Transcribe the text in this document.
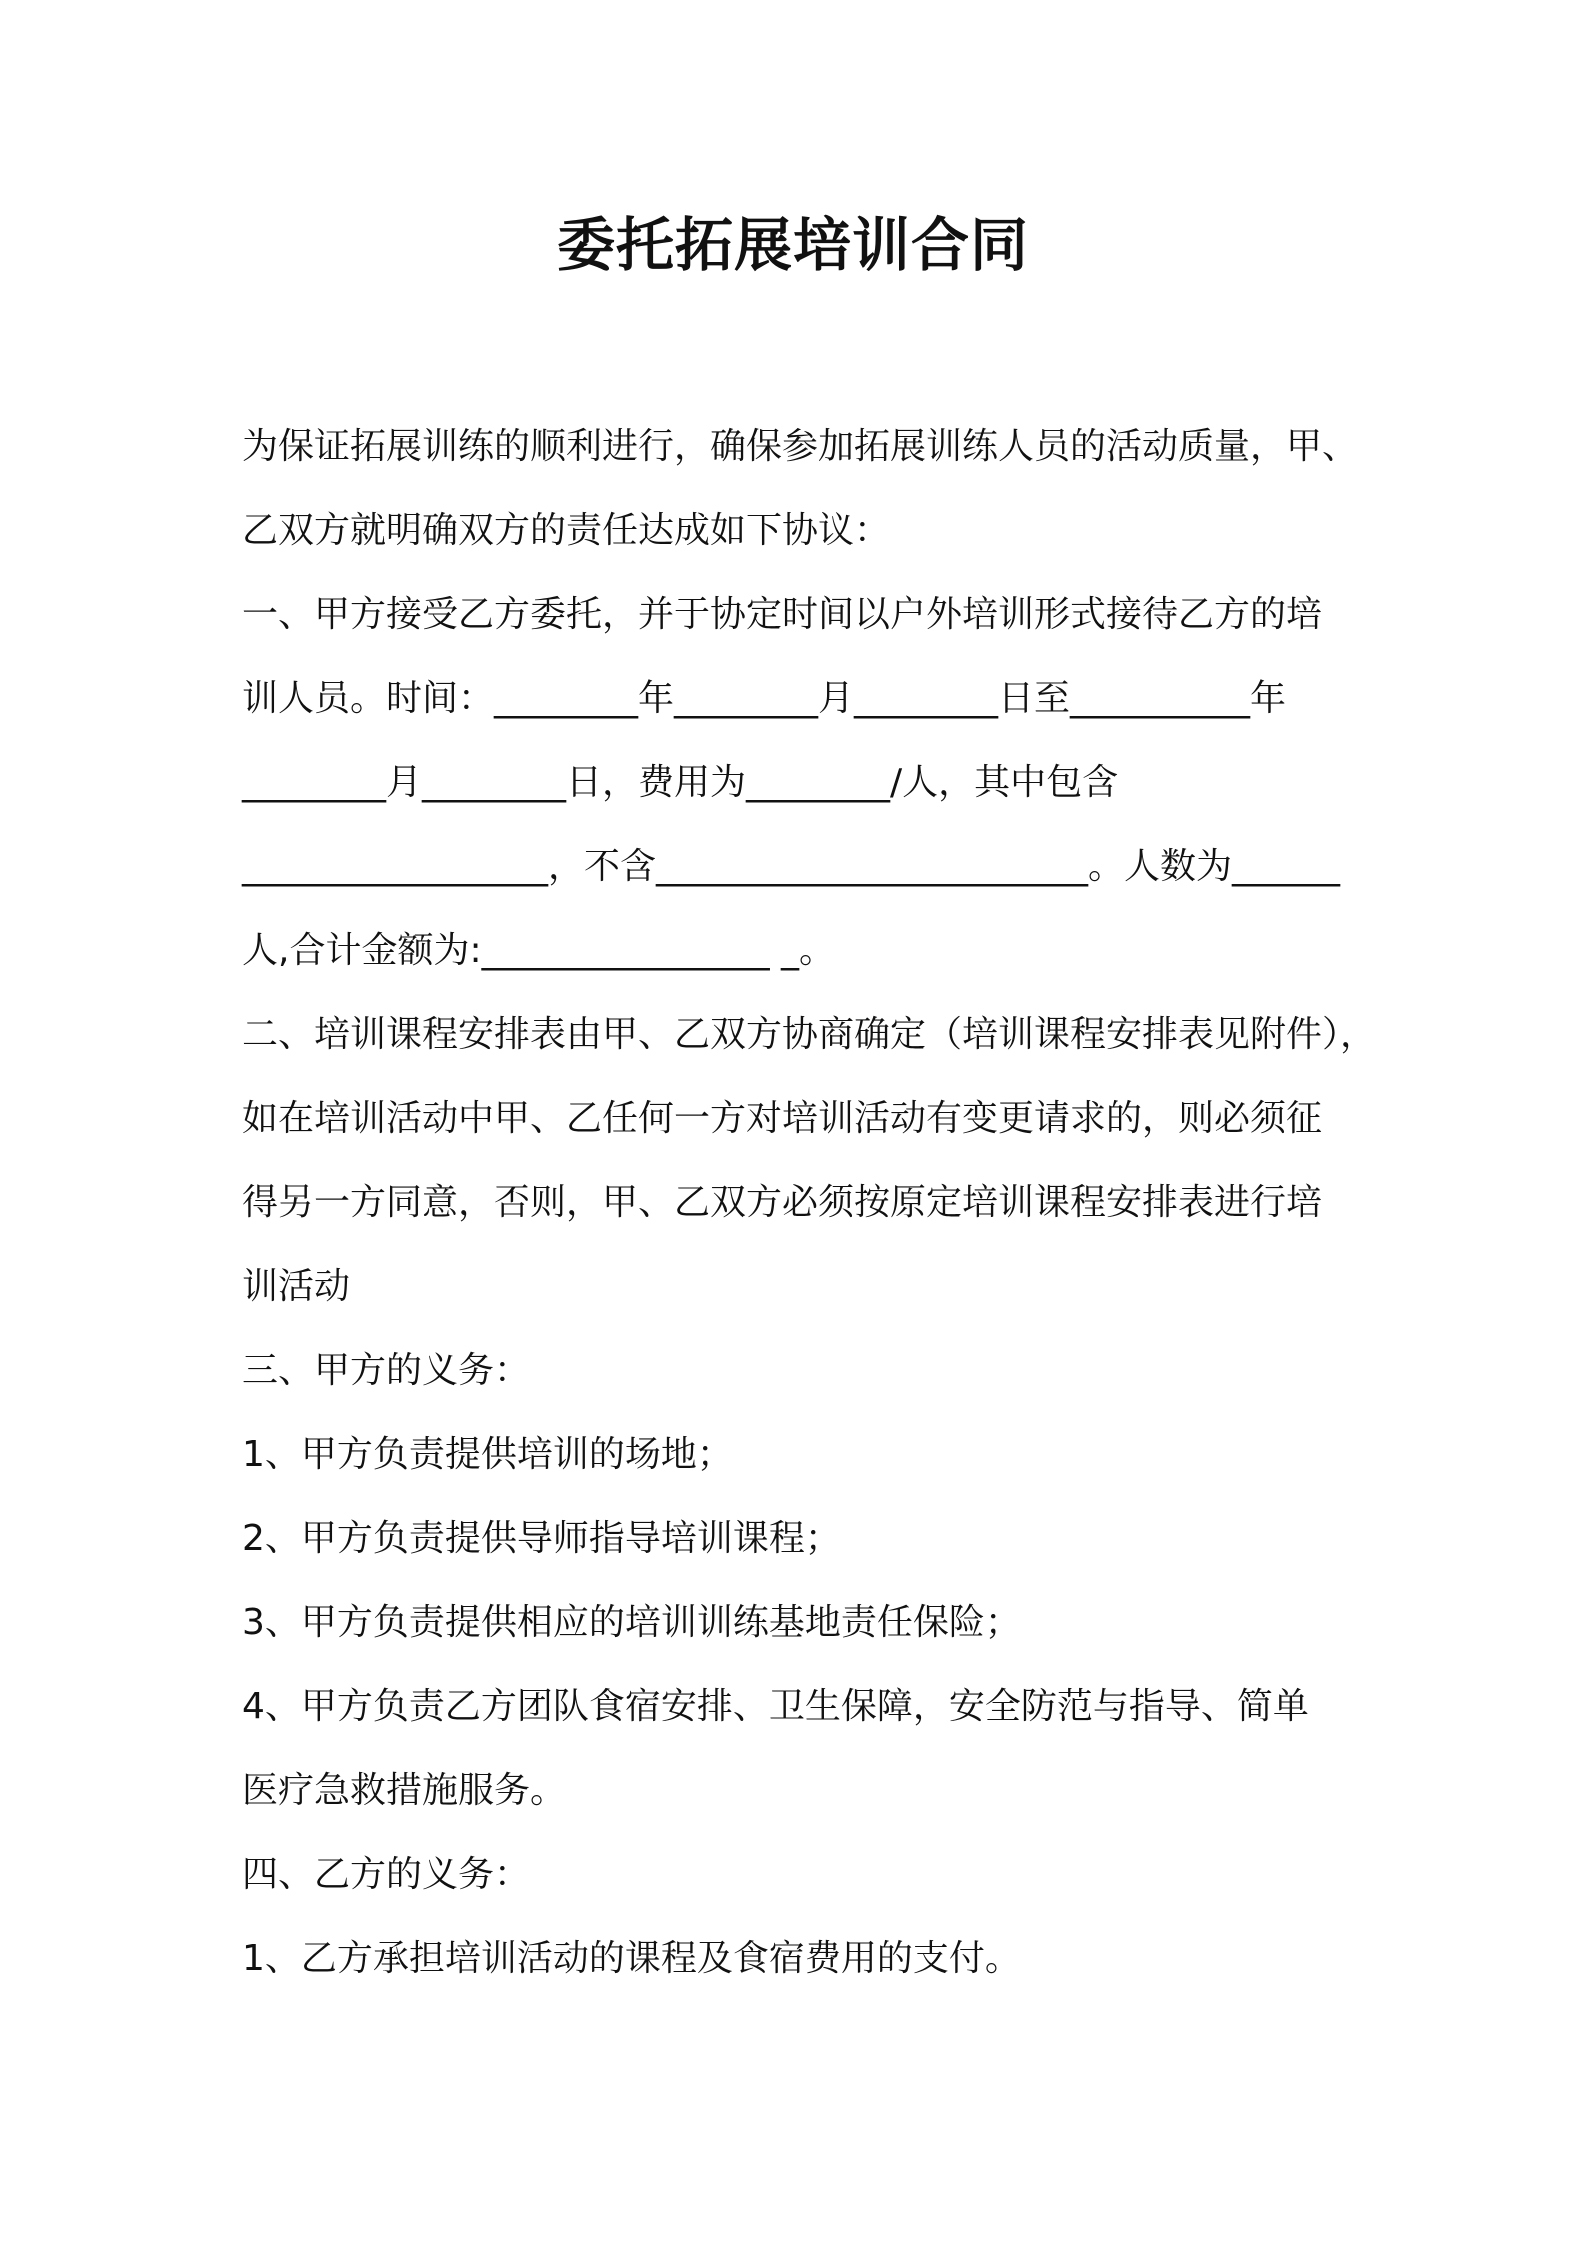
委托拓展培训合同
为保证拓展训练的顺利进行，确保参加拓展训练人员的活动质量，甲、
乙双方就明确双方的责任达成如下协议：
一、甲方接受乙方委托，并于协定时间以户外培训形式接待乙方的培
训人员。时间：________年________月________日至__________年
________月________日，费用为________/人，其中包含
_________________，不含________________________。人数为______
人,合计金额为:________________ _。
二、培训课程安排表由甲、乙双方协商确定（培训课程安排表见附件），
如在培训活动中甲、乙任何一方对培训活动有变更请求的，则必须征
得另一方同意，否则，甲、乙双方必须按原定培训课程安排表进行培
训活动
三、甲方的义务：
1、甲方负责提供培训的场地；
2、甲方负责提供导师指导培训课程；
3、甲方负责提供相应的培训训练基地责任保险；
4、甲方负责乙方团队食宿安排、卫生保障，安全防范与指导、简单
医疗急救措施服务。
四、乙方的义务：
1、乙方承担培训活动的课程及食宿费用的支付。
